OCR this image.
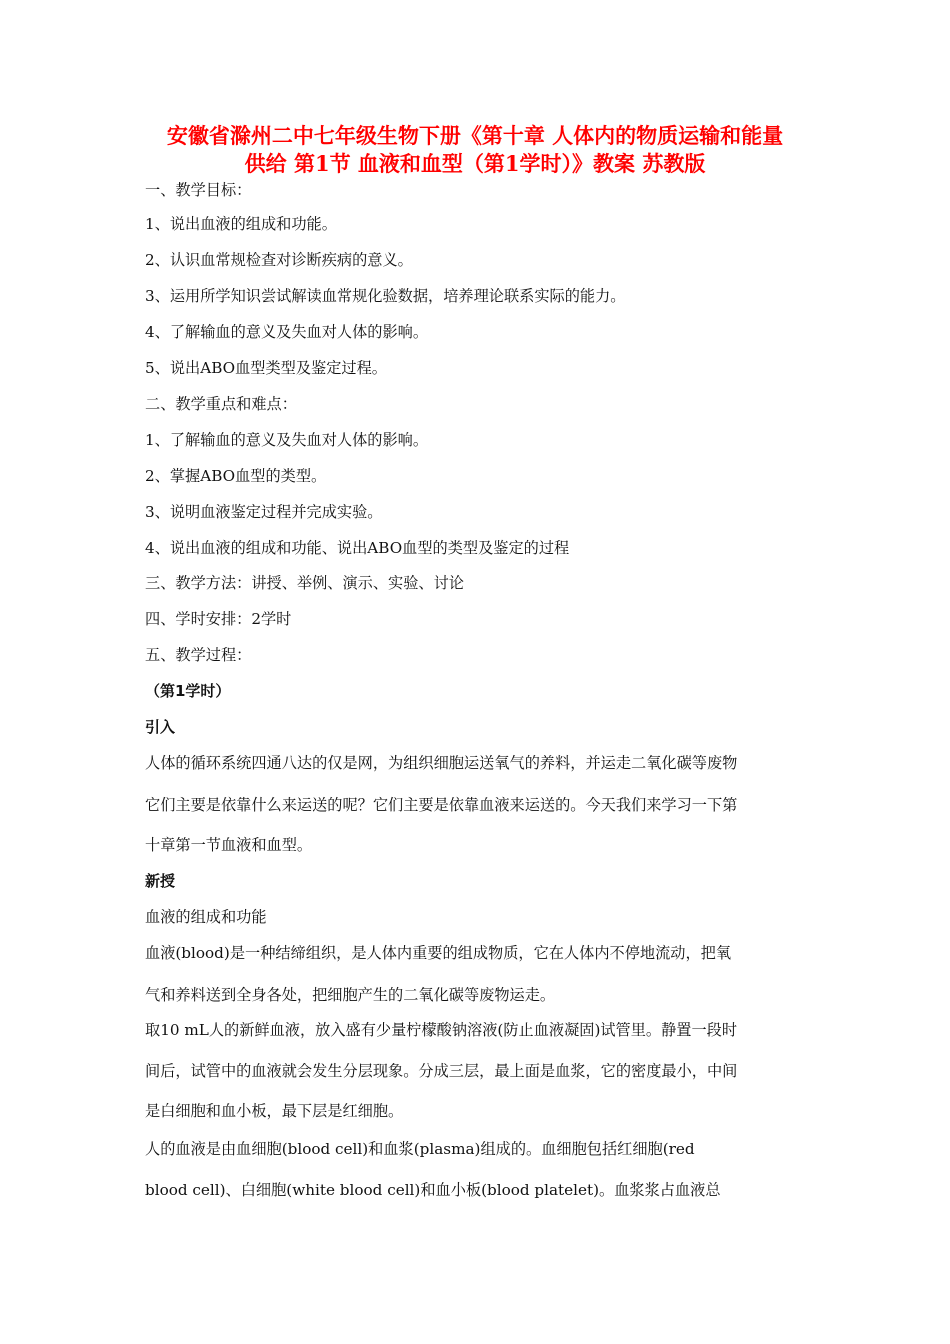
安徽省滁州二中七年级生物下册《第十章 人体内的物质运输和能量
供给 第1节 血液和血型（第1学时）》教案 苏教版
一、教学目标：
1、说出血液的组成和功能。
2、认识血常规检查对诊断疾病的意义。
3、运用所学知识尝试解读血常规化验数据，培养理论联系实际的能力。
4、了解输血的意义及失血对人体的影响。
5、说出ABO血型类型及鉴定过程。
二、教学重点和难点：
1、了解输血的意义及失血对人体的影响。
2、掌握ABO血型的类型。
3、说明血液鉴定过程并完成实验。
4、说出血液的组成和功能、说出ABO血型的类型及鉴定的过程
三、教学方法：讲授、举例、演示、实验、讨论
四、学时安排：2学时
五、教学过程：
（第1学时）
引入
人体的循环系统四通八达的仅是网，为组织细胞运送氧气的养料，并运走二氧化碳等废物
它们主要是依靠什么来运送的呢？它们主要是依靠血液来运送的。今天我们来学习一下第
十章第一节血液和血型。
新授
血液的组成和功能
血液(blood)是一种结缔组织，是人体内重要的组成物质，它在人体内不停地流动，把氧
气和养料送到全身各处，把细胞产生的二氧化碳等废物运走。
取10 mL人的新鲜血液，放入盛有少量柠檬酸钠溶液(防止血液凝固)试管里。静置一段时
间后，试管中的血液就会发生分层现象。分成三层，最上面是血浆，它的密度最小，中间
是白细胞和血小板，最下层是红细胞。
人的血液是由血细胞(blood cell)和血浆(plasma)组成的。血细胞包括红细胞(red
blood cell)、白细胞(white blood cell)和血小板(blood platelet)。血浆浆占血液总
